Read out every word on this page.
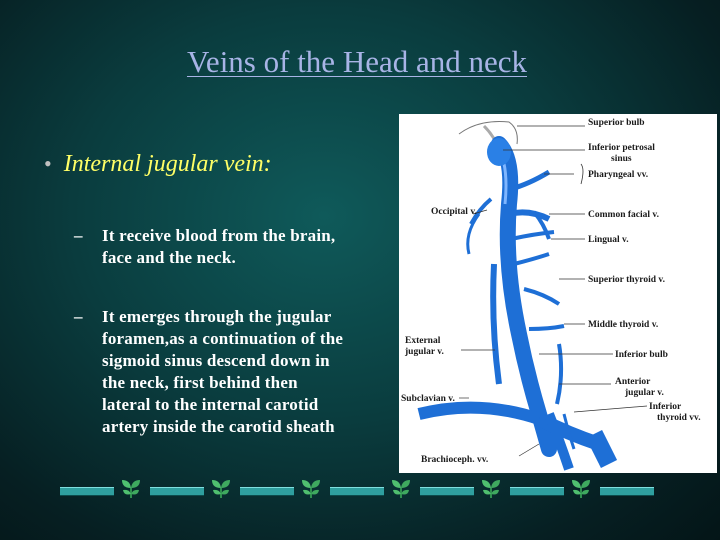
Veins of the Head and neck
• Internal jugular vein:
– It receive blood from the brain,
face and the neck.
– It emerges through the jugular
foramen,as a continuation of the
sigmoid sinus descend down in
the neck, first behind then
lateral to the internal carotid
artery inside the carotid sheath
Superior bulb
Inferior petrosal
sinus
Pharyngeal vv.
Common facial v.
Lingual v.
Superior thyroid v.
Middle thyroid v.
Inferior bulb
Anterior
jugular v.
Inferior
thyroid vv.
Occipital v.
External
jugular v.
Subclavian v.
Brachioceph. vv.
SVC
